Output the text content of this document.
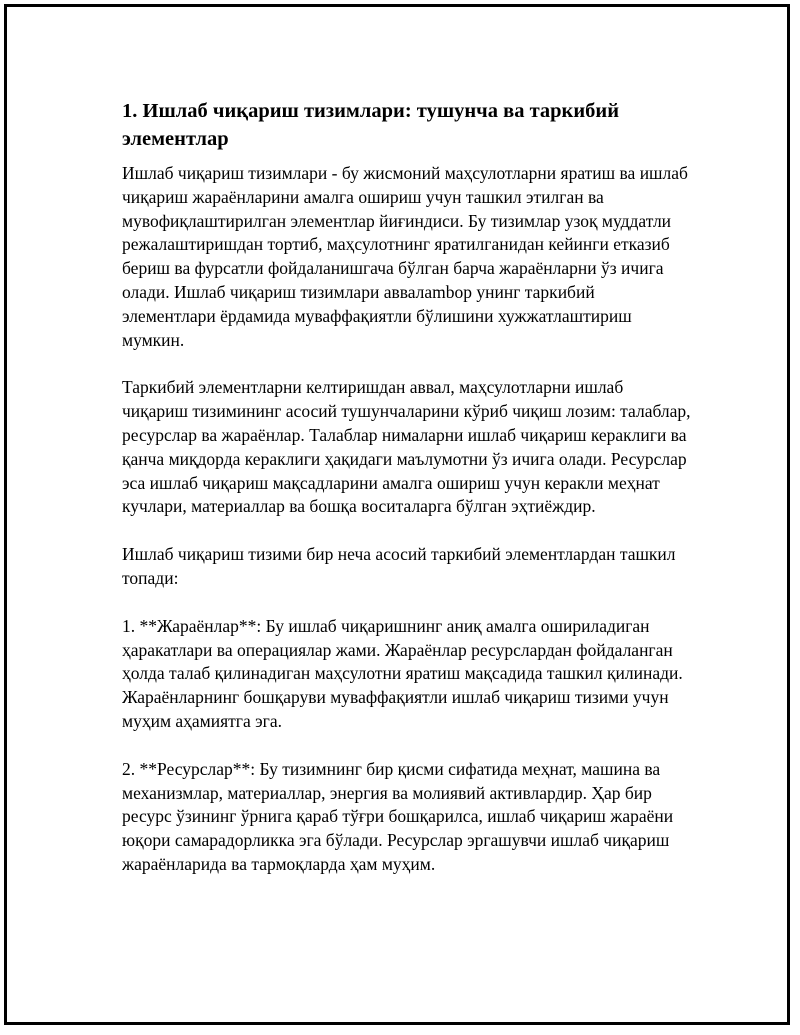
1. Ишлаб чиқариш тизимлари: тушунча ва таркибий элементлар

Ишлаб чиқариш тизимлари - бу жисмоний маҳсулотларни яратиш ва ишлаб чиқариш жараёнларини амалга ошириш учун ташкил этилган ва мувофиқлаштирилган элементлар йиғиндиси. Бу тизимлар узоқ муддатли режалаштиришдан тортиб, маҳсулотнинг яратилганидан кейинги етказиб бериш ва фурсатли фойдаланишгача бўлган барча жараёнларни ўз ичига олади. Ишлаб чиқариш тизимлари аввалambор унинг таркибий элементлари ёрдамида муваффақиятли бўлишини хужжатлаштириш мумкин.

Таркибий элементларни келтиришдан аввал, маҳсулотларни ишлаб чиқариш тизимининг асосий тушунчаларини кўриб чиқиш лозим: талаблар, ресурслар ва жараёнлар. Талаблар нималарни ишлаб чиқариш кераклиги ва қанча миқдорда кераклиги ҳақидаги маълумотни ўз ичига олади. Ресурслар эса ишлаб чиқариш мақсадларини амалга ошириш учун керакли меҳнат кучлари, материаллар ва бошқа воситаларга бўлган эҳтиёждир.

Ишлаб чиқариш тизими бир неча асосий таркибий элементлардан ташкил топади:

1. **Жараёнлар**: Бу ишлаб чиқаришнинг аниқ амалга ошириладиган ҳаракатлари ва операциялар жами. Жараёнлар ресурслардан фойдаланган ҳолда талаб қилинадиган маҳсулотни яратиш мақсадида ташкил қилинади. Жараёнларнинг бошқаруви муваффақиятли ишлаб чиқариш тизими учун муҳим аҳамиятга эга.

2. **Ресурслар**: Бу тизимнинг бир қисми сифатида меҳнат, машина ва механизмлар, материаллар, энергия ва молиявий активлардир. Ҳар бир ресурс ўзининг ўрнига қараб тўғри бошқарилса, ишлаб чиқариш жараёни юқори самарадорликка эга бўлади. Ресурслар эргашувчи ишлаб чиқариш жараёнларида ва тармоқларда ҳам муҳим.
